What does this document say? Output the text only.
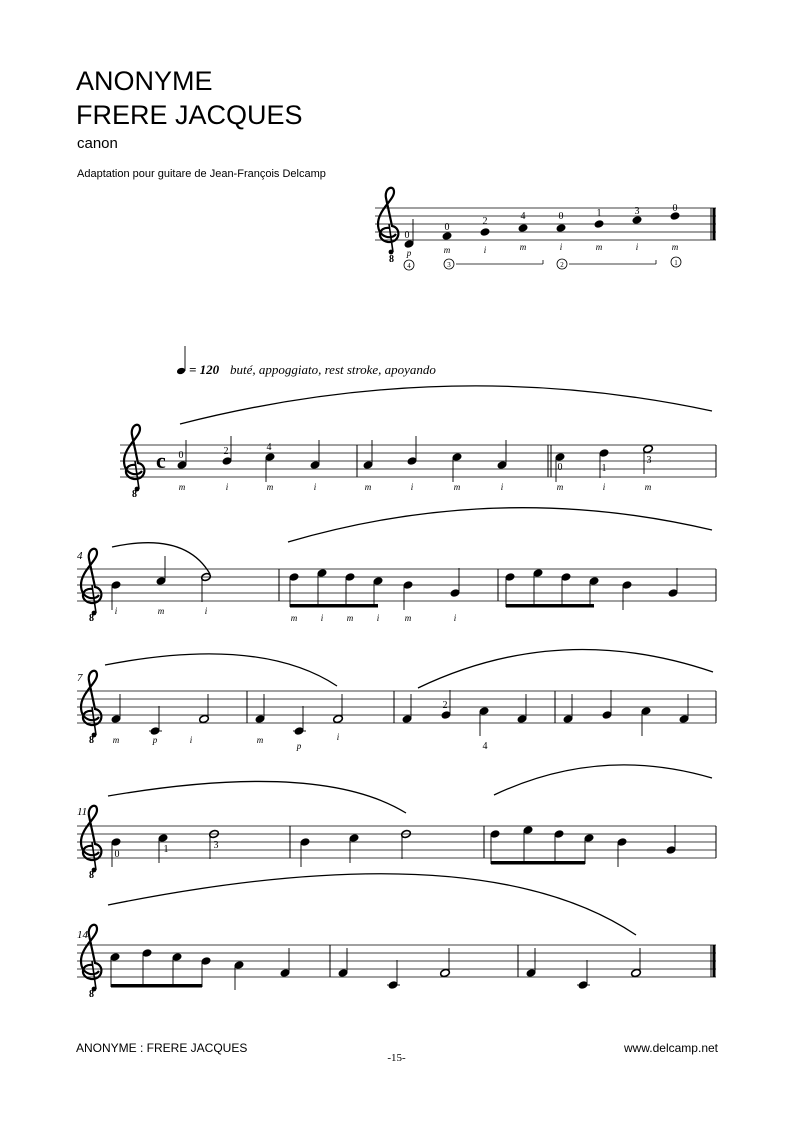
ANONYME
FRERE JACQUES
canon
Adaptation pour guitare de Jean-François Delcamp
8
0
0
2	4	0	1	3	0
p	m	i	m	i	m	i	m
4	3	2	1
= 120 buté, appoggiato, rest stroke, apoyando
8
c 0	2	4
0	1
3
m	i	m	i	m	i	m	i	m	i	m
4
8
i	m	i
m	i	m	i	m	i
7
8
2
4
m	p	i	m
p
i
11
8
0	1	3
14
8
ANONYME : FRERE JACQUES	www.delcamp.net
-15-
